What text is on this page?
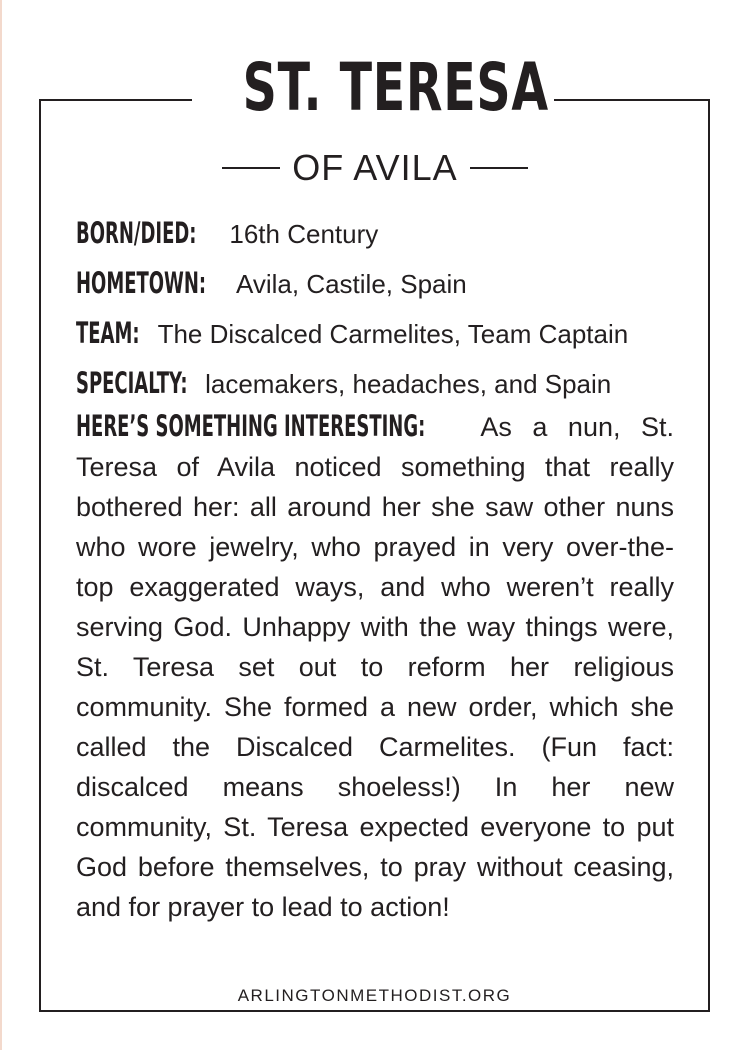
ST. TERESA
OF AVILA
BORN/DIED: 16th Century
HOMETOWN: Avila, Castile, Spain
TEAM: The Discalced Carmelites, Team Captain
SPECIALTY: lacemakers, headaches, and Spain
HERE’S SOMETHING INTERESTING: As a nun, St. Teresa of Avila noticed something that really bothered her: all around her she saw other nuns who wore jewelry, who prayed in very over-the-top exaggerated ways, and who weren’t really serving God. Unhappy with the way things were, St. Teresa set out to reform her religious community. She formed a new order, which she called the Discalced Carmelites. (Fun fact: discalced means shoeless!) In her new community, St. Teresa expected everyone to put God before themselves, to pray without ceasing, and for prayer to lead to action!
ARLINGTONMETHODIST.ORG
